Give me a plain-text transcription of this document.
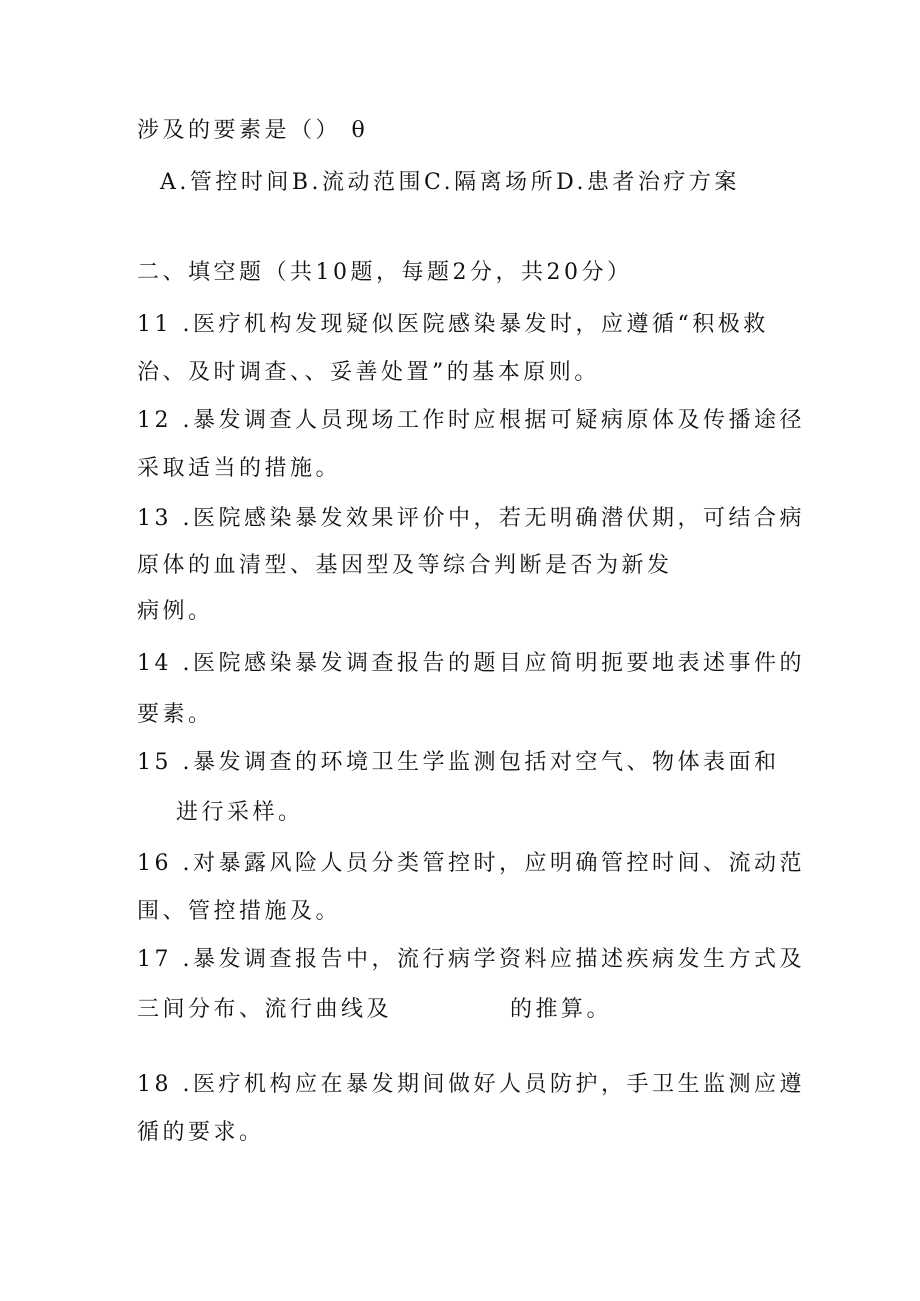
涉及的要素是（） θ
A.管控时间B.流动范围C.隔离场所D.患者治疗方案
二、填空题（共10题，每题2分，共20分）
11 .医疗机构发现疑似医院感染暴发时，应遵循“积极救
治、及时调查、、妥善处置”的基本原则。
12 .暴发调查人员现场工作时应根据可疑病原体及传播途径
采取适当的措施。
13 .医院感染暴发效果评价中，若无明确潜伏期，可结合病
原体的血清型、基因型及等综合判断是否为新发
病例。
14 .医院感染暴发调查报告的题目应简明扼要地表述事件的
要素。
15 .暴发调查的环境卫生学监测包括对空气、物体表面和
进行采样。
16 .对暴露风险人员分类管控时，应明确管控时间、流动范
围、管控措施及。
17 .暴发调查报告中，流行病学资料应描述疾病发生方式及
三间分布、流行曲线及	的推算。
18 .医疗机构应在暴发期间做好人员防护，手卫生监测应遵
循的要求。
